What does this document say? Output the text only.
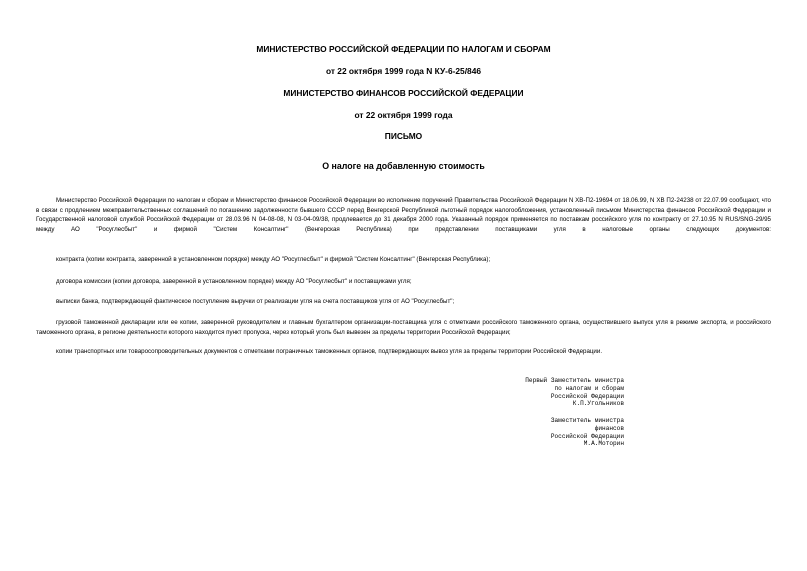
МИНИСТЕРСТВО РОССИЙСКОЙ ФЕДЕРАЦИИ ПО НАЛОГАМ И СБОРАМ
от 22 октября 1999 года N КУ-6-25/846
МИНИСТЕРСТВО ФИНАНСОВ РОССИЙСКОЙ ФЕДЕРАЦИИ
от 22 октября 1999 года
ПИСЬМО
О налоге на добавленную стоимость
Министерство Российской Федерации по налогам и сборам и Министерство финансов Российской Федерации во исполнение поручений Правительства Российской Федерации N ХВ-П2-19694 от 18.06.99, N ХВ П2-24238 от 22.07.99 сообщают, что в связи с продлением межправительственных соглашений по погашению задолженности бывшего СССР перед Венгерской Республикой льготный порядок налогообложения, установленный письмом Министерства финансов Российской Федерации и Государственной налоговой службой Российской Федерации от 28.03.96 N 04-08-08, N 03-04-09/38, продлевается до 31 декабря 2000 года. Указанный порядок применяется по поставкам российского угля по контракту от 27.10.95 N RUS/SNG-29/95 между АО "Росуглесбыт" и фирмой "Систем Консалтинг" (Венгерская Республика) при представлении поставщиками угля в налоговые органы следующих документов:
контракта (копии контракта, заверенной в установленном порядке) между АО "Росуглесбыт" и фирмой "Систем Консалтинг" (Венгерская Республика);
договора комиссии (копии договора, заверенной в установленном порядке) между АО "Росуглесбыт" и поставщиками угля;
выписки банка, подтверждающей фактическое поступление выручки от реализации угля на счета поставщиков угля от АО "Росуглесбыт";
грузовой таможенной декларации или ее копии, заверенной руководителем и главным бухгалтером организации-поставщика угля с отметками российского таможенного органа, осуществившего выпуск угля в режиме экспорта, и российского таможенного органа, в регионе деятельности которого находится пункт пропуска, через который уголь был вывезен за пределы территории Российской Федерации;
копии транспортных или товаросопроводительных документов с отметками пограничных таможенных органов, подтверждающих вывоз угля за пределы территории Российской Федерации.
Первый Заместитель министра
по налогам и сборам
Российской Федерации
К.П.Угольников
Заместитель министра
финансов
Российской Федерации
М.А.Моторин
